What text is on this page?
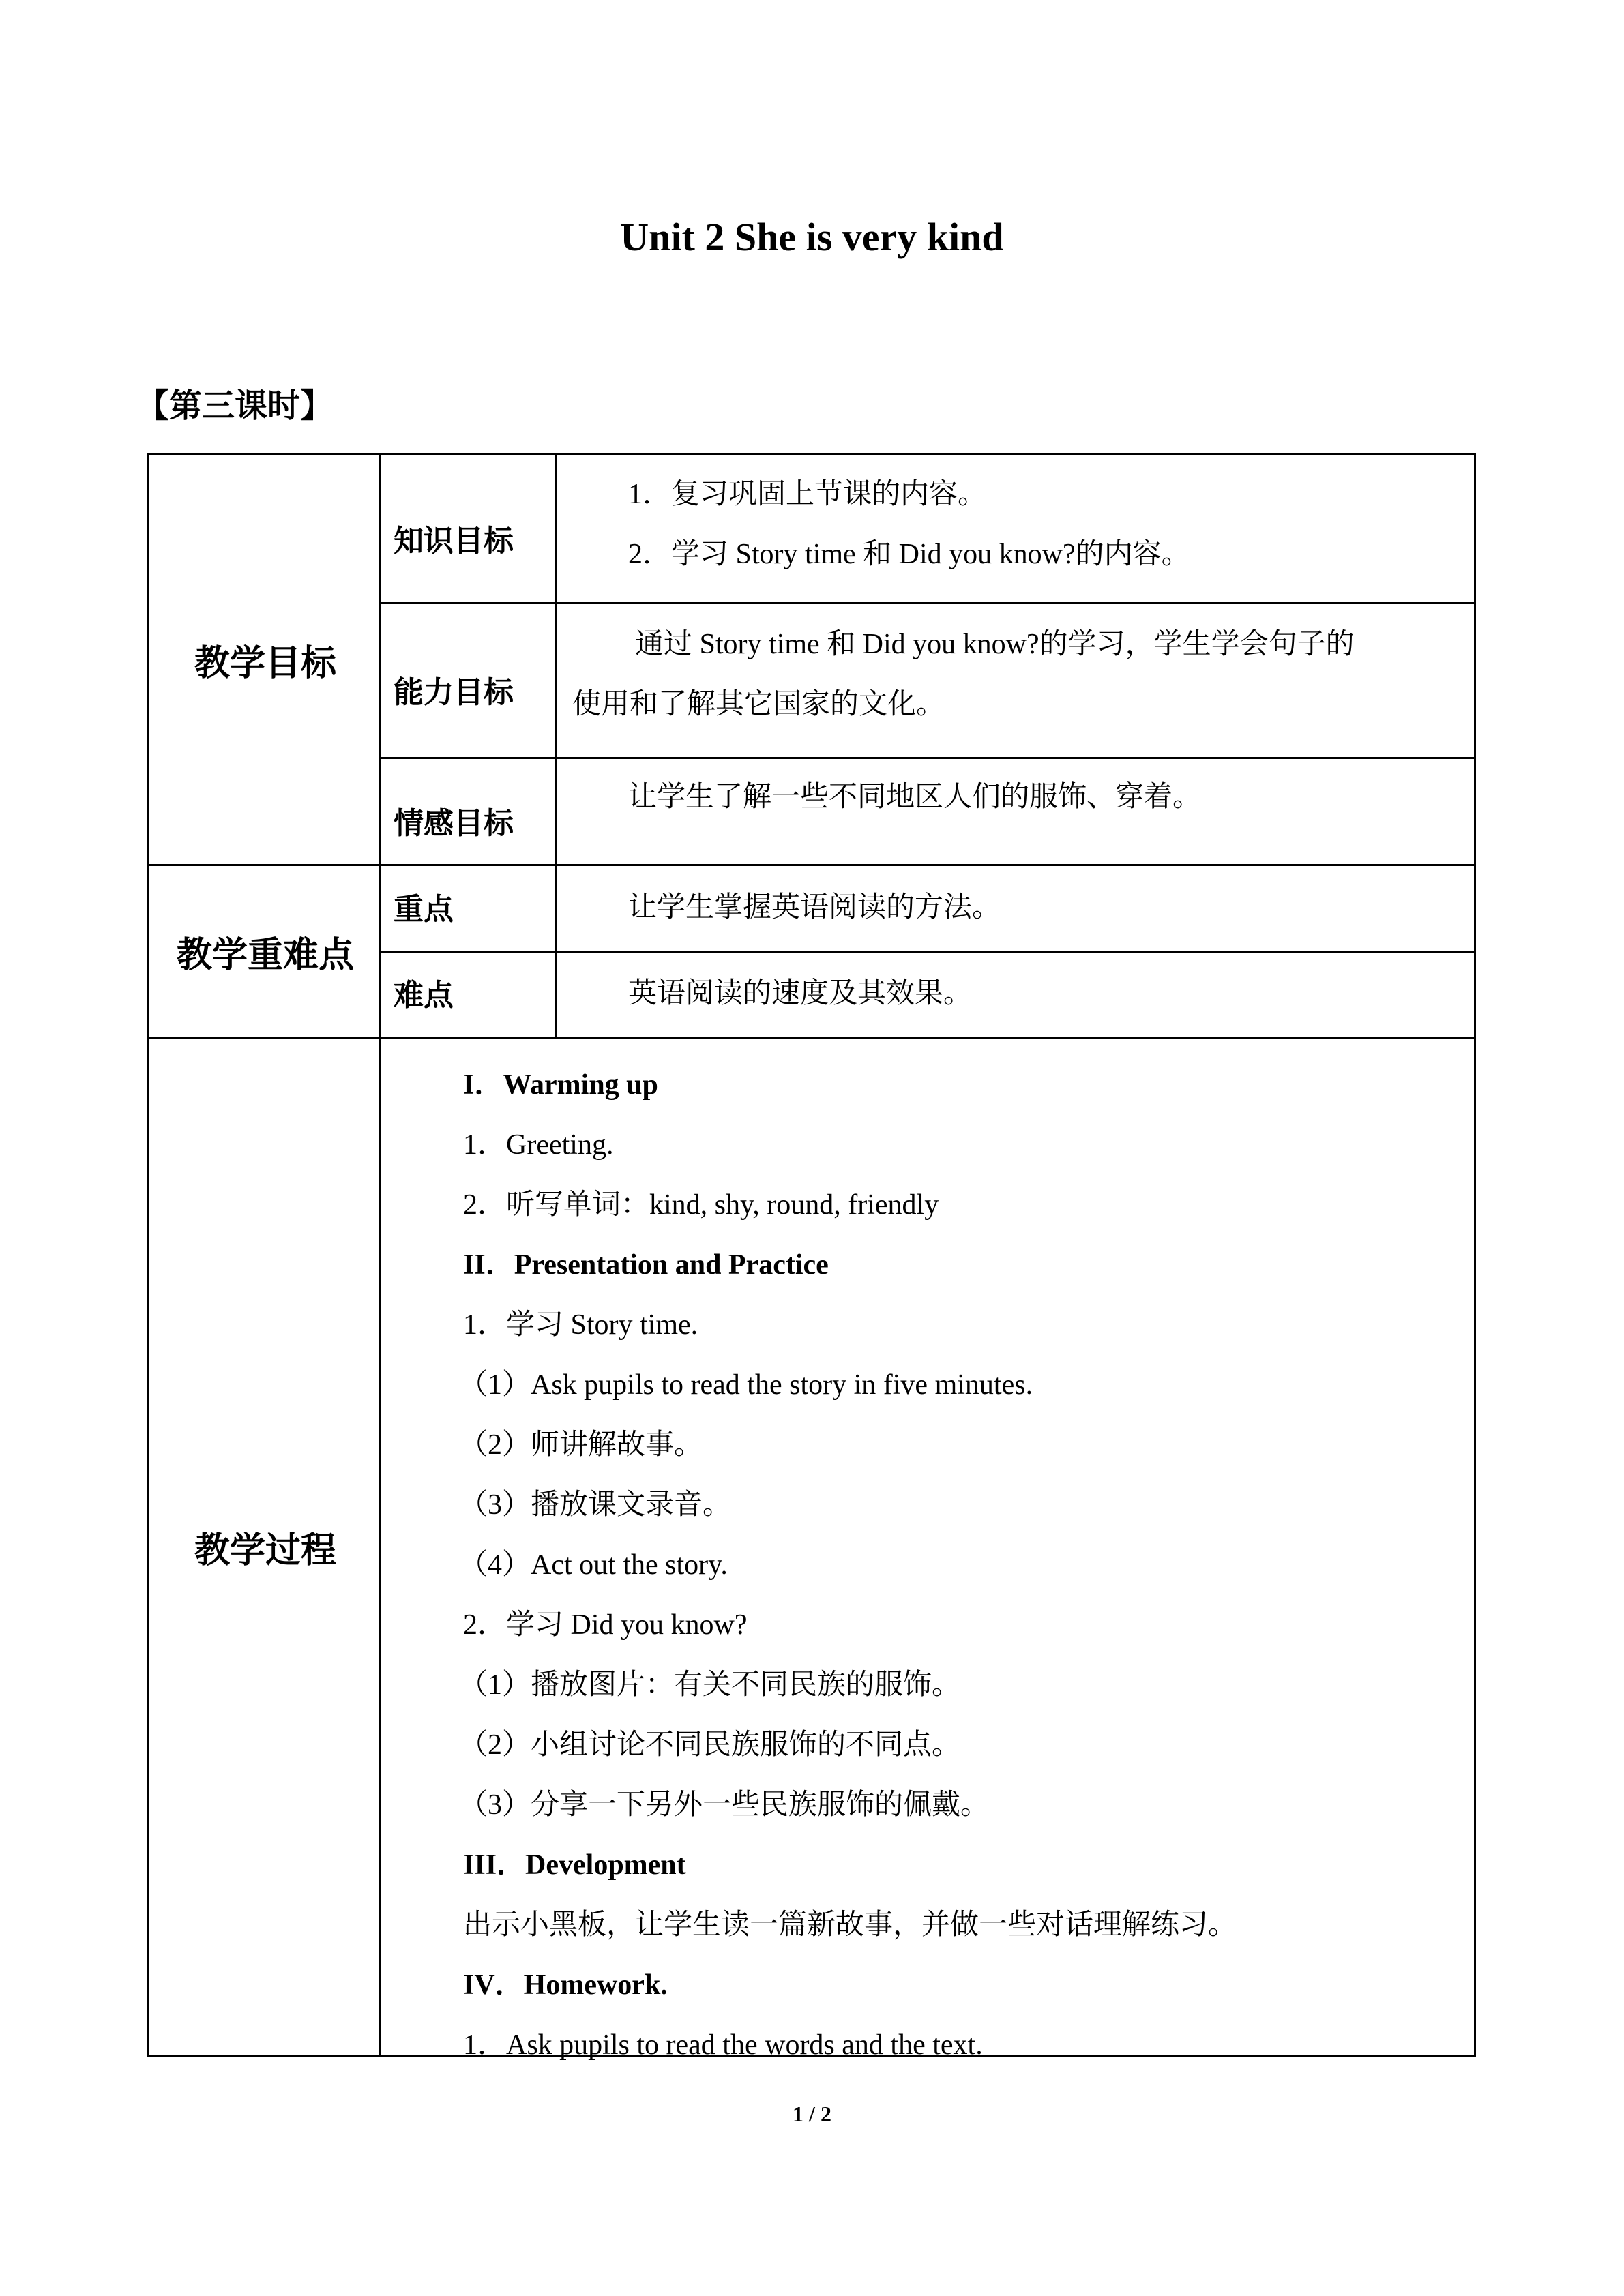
Unit 2 She is very kind
【第三课时】
教学目标
知识目标
1．复习巩固上节课的内容。
2．学习 Story time 和 Did you know?的内容。
能力目标
通过 Story time 和 Did you know?的学习，学生学会句子的
使用和了解其它国家的文化。
情感目标
让学生了解一些不同地区人们的服饰、穿着。
教学重难点
重点	让学生掌握英语阅读的方法。
难点	英语阅读的速度及其效果。
教学过程
I．Warming up
1．Greeting.
2．听写单词：kind, shy, round, friendly
II．Presentation and Practice
1．学习 Story time.
（1）Ask pupils to read the story in five minutes.
（2）师讲解故事。
（3）播放课文录音。
（4）Act out the story.
2．学习 Did you know?
（1）播放图片：有关不同民族的服饰。
（2）小组讨论不同民族服饰的不同点。
（3）分享一下另外一些民族服饰的佩戴。
III．Development
出示小黑板，让学生读一篇新故事，并做一些对话理解练习。
IV．Homework.
1．Ask pupils to read the words and the text.
1 / 2
